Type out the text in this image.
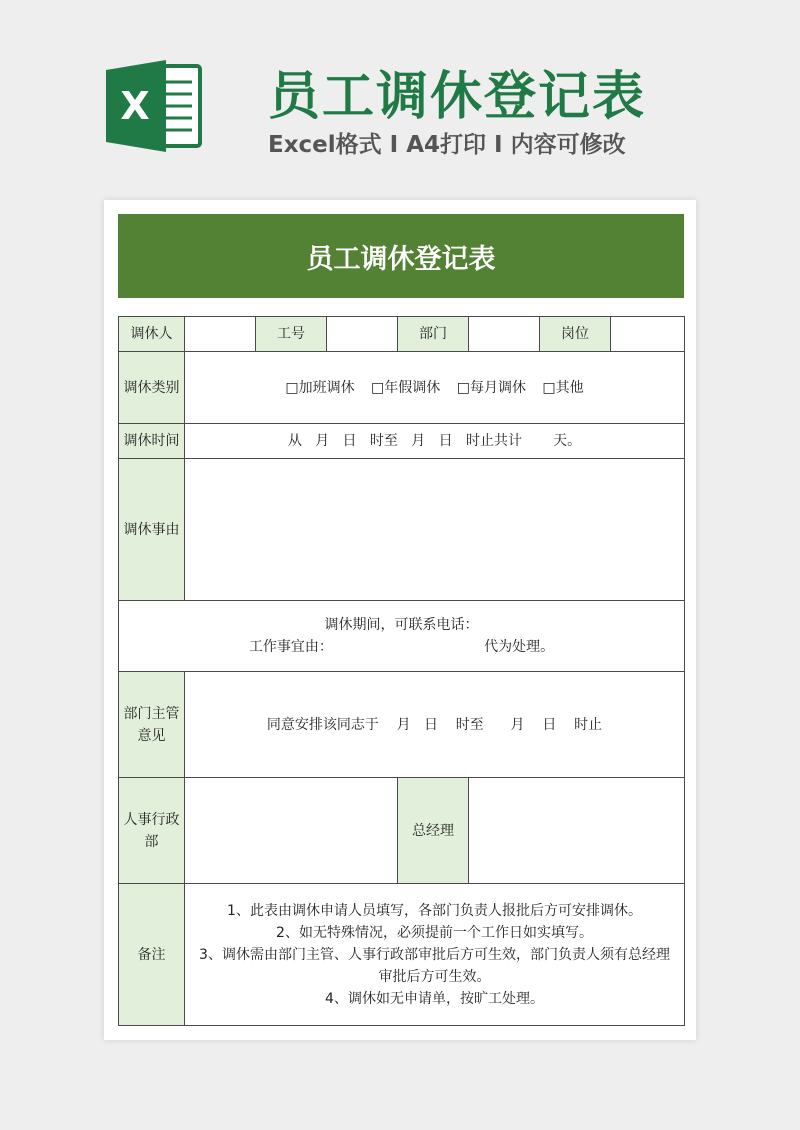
X 员工调休登记表
Excel格式 I A4打印 I 内容可修改
员工调休登记表
调休人		工号		部门		岗位	
调休类别	□加班调休 □年假调休 □每月调休 □其他						
调休时间	从   月   日   时至   月   日   时止共计       天。						
调休事由							

调休期间，可联系电话：
工作事宜由：                                  代为处理。							

部门主管意见	同意安排该同志于    月   日    时至      月    日    时止						
人事行政部				总经理			
备注	1、此表由调休申请人员填写，各部门负责人报批后方可安排调休。
2、如无特殊情况，必须提前一个工作日如实填写。
3、调休需由部门主管、人事行政部审批后方可生效，部门负责人须有总经理
审批后方可生效。
4、调休如无申请单，按旷工处理。						
